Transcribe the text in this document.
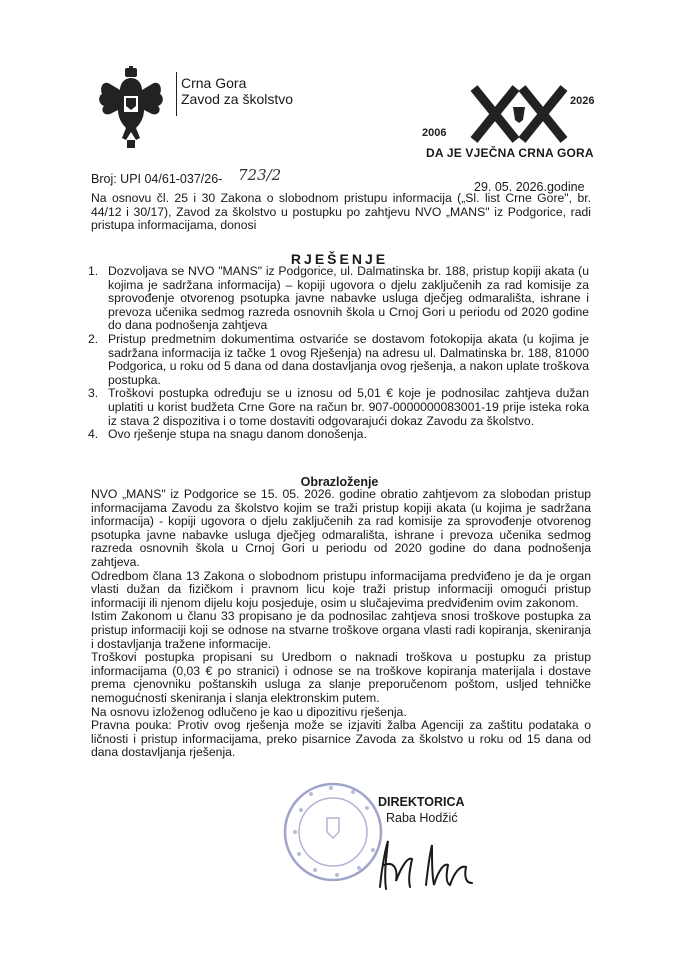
Crna Gora
Zavod za školstvo
2006
2026
DA JE VJEČNA CRNA GORA
Broj: UPI 04/61-037/26- 723/2
29. 05. 2026.godine
Na osnovu čl. 25 i 30 Zakona o slobodnom pristupu informacija („Sl. list Crne Gore", br. 44/12 i 30/17), Zavod za školstvo u postupku po zahtjevu NVO „MANS" iz Podgorice, radi pristupa informacijama, donosi
RJEŠENJE
1. Dozvoljava se NVO "MANS" iz Podgorice, ul. Dalmatinska br. 188, pristup kopiji akata (u kojima je sadržana informacija) – kopiji ugovora o djelu zaključenih za rad komisije za sprovođenje otvorenog psotupka javne nabavke usluga dječjeg odmarališta, ishrane i prevoza učenika sedmog razreda osnovnih škola u Crnoj Gori u periodu od 2020 godine do dana podnošenja zahtjeva
2. Pristup predmetnim dokumentima ostvariće se dostavom fotokopija akata (u kojima je sadržana informacija iz tačke 1 ovog Rješenja) na adresu ul. Dalmatinska br. 188, 81000 Podgorica, u roku od 5 dana od dana dostavljanja ovog rješenja, a nakon uplate troškova postupka.
3. Troškovi postupka određuju se u iznosu od 5,01 € koje je podnosilac zahtjeva dužan uplatiti u korist budžeta Crne Gore na račun br. 907-0000000083001-19 prije isteka roka iz stava 2 dispozitiva i o tome dostaviti odgovarajući dokaz Zavodu za školstvo.
4. Ovo rješenje stupa na snagu danom donošenja.
Obrazloženje

NVO „MANS" iz Podgorice se 15. 05. 2026. godine obratio zahtjevom za slobodan pristup informacijama Zavodu za školstvo kojim se traži pristup kopiji akata (u kojima je sadržana informacija) - kopiji ugovora o djelu zaključenih za rad komisije za sprovođenje otvorenog psotupka javne nabavke usluga dječjeg odmarališta, ishrane i prevoza učenika sedmog razreda osnovnih škola u Crnoj Gori u periodu od 2020 godine do dana podnošenja zahtjeva.

Odredbom člana 13 Zakona o slobodnom pristupu informacijama predviđeno je da je organ vlasti dužan da fizičkom i pravnom licu koje traži pristup informaciji omogući pristup informaciji ili njenom dijelu koju posjeduje, osim u slučajevima predviđenim ovim zakonom.

Istim Zakonom u članu 33 propisano je da podnosilac zahtjeva snosi troškove postupka za pristup informaciji koji se odnose na stvarne troškove organa vlasti radi kopiranja, skeniranja i dostavljanja tražene informacije.

Troškovi postupka propisani su Uredbom o naknadi troškova u postupku za pristup informacijama (0,03 € po stranici) i odnose se na troškove kopiranja materijala i dostave prema cjenovniku poštanskih usluga za slanje preporučenom poštom, usljed tehničke nemogućnosti skeniranja i slanja elektronskim putem.

Na osnovu izloženog odlučeno je kao u dipozitivu rješenja.

Pravna pouka: Protiv ovog rješenja može se izjaviti žalba Agenciji za zaštitu podataka o ličnosti i pristup informacijama, preko pisarnice Zavoda za školstvo u roku od 15 dana od dana dostavljanja rješenja.

DIREKTORICA
Raba Hodžić
